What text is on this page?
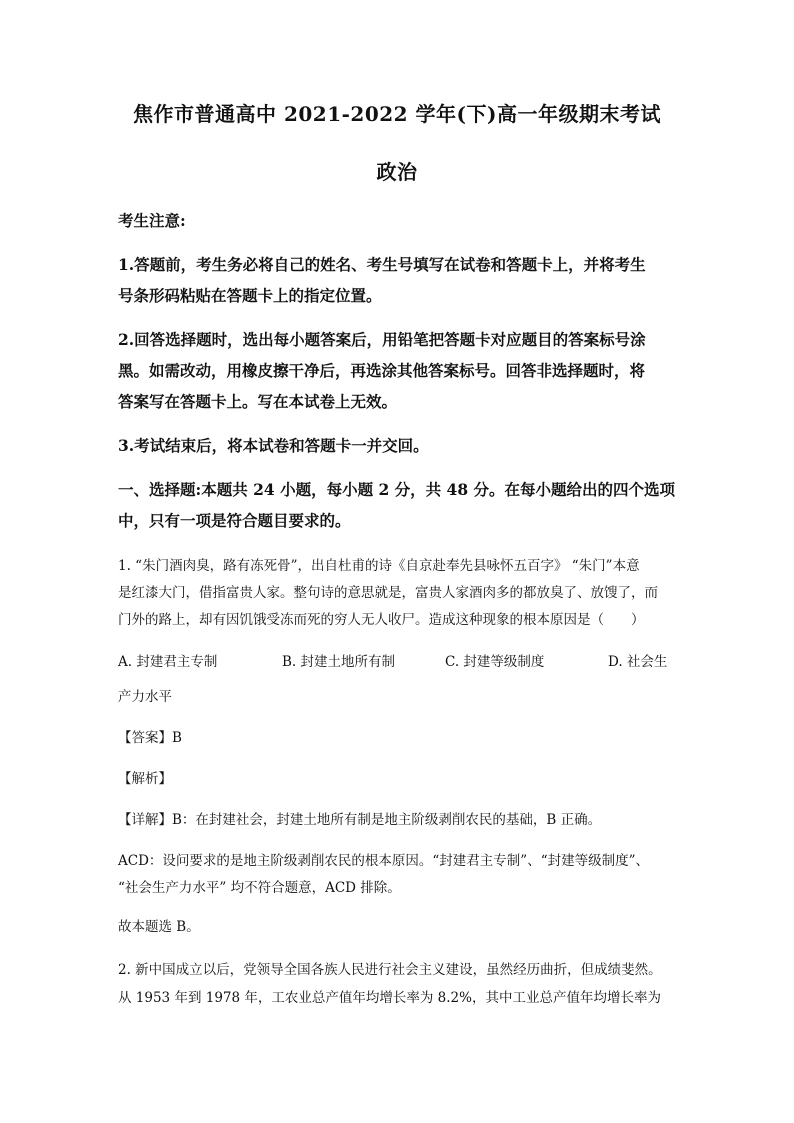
焦作市普通高中 2021-2022 学年(下)高一年级期末考试
政治
考生注意:
1.答题前，考生务必将自己的姓名、考生号填写在试卷和答题卡上，并将考生
号条形码粘贴在答题卡上的指定位置。
2.回答选择题时，选出每小题答案后，用铅笔把答题卡对应题目的答案标号涂
黑。如需改动，用橡皮擦干净后，再选涂其他答案标号。回答非选择题时，将
答案写在答题卡上。写在本试卷上无效。
3.考试结束后，将本试卷和答题卡一并交回。
一、选择题:本题共 24 小题，每小题 2 分，共 48 分。在每小题给出的四个选项
中，只有一项是符合题目要求的。
1. “朱门酒肉臭，路有冻死骨”，出自杜甫的诗《自京赴奉先县咏怀五百字》 “朱门”本意
是红漆大门，借指富贵人家。整句诗的意思就是，富贵人家酒肉多的都放臭了、放馊了，而
门外的路上，却有因饥饿受冻而死的穷人无人收尸。造成这种现象的根本原因是（　　）
A. 封建君主专制	B. 封建土地所有制	C. 封建等级制度	D. 社会生
产力水平
【答案】B
【解析】
【详解】B：在封建社会，封建土地所有制是地主阶级剥削农民的基础，B 正确。
ACD：设问要求的是地主阶级剥削农民的根本原因。“封建君主专制”、“封建等级制度”、
“社会生产力水平” 均不符合题意，ACD 排除。
故本题选 B。
2. 新中国成立以后，党领导全国各族人民进行社会主义建设，虽然经历曲折，但成绩斐然。
从 1953 年到 1978 年，工农业总产值年均增长率为 8.2%，其中工业总产值年均增长率为
